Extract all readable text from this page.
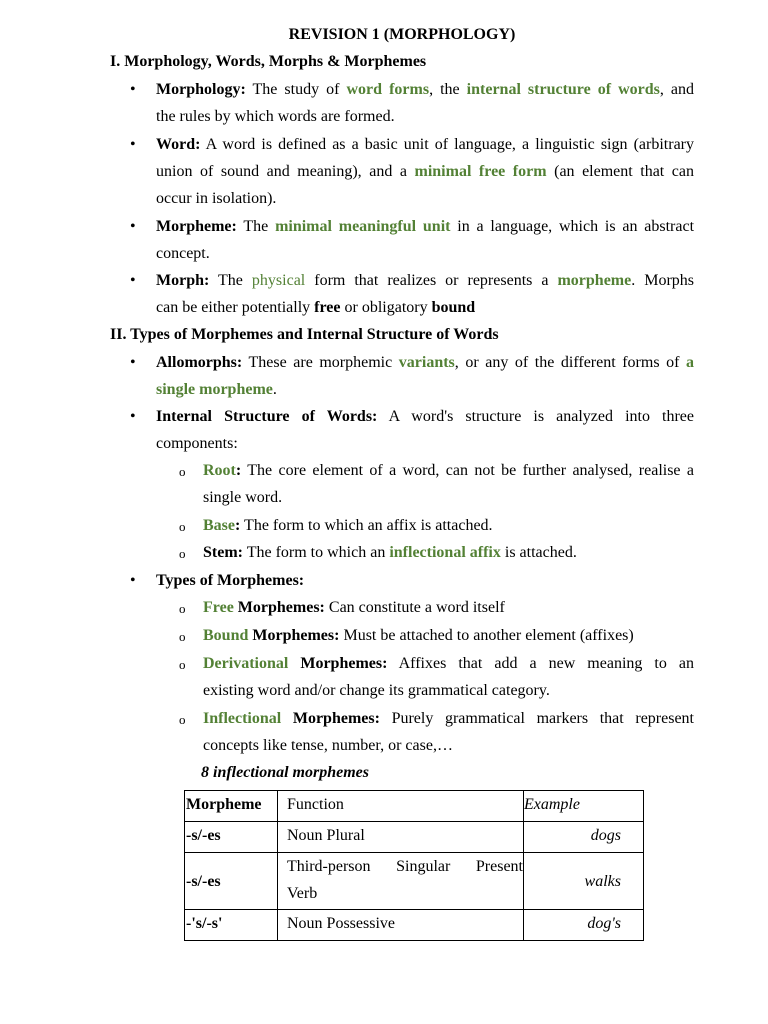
REVISION 1 (MORPHOLOGY)
I. Morphology, Words, Morphs & Morphemes
• Morphology: The study of word forms, the internal structure of words, and
the rules by which words are formed.
• Word: A word is defined as a basic unit of language, a linguistic sign (arbitrary
union of sound and meaning), and a minimal free form (an element that can
occur in isolation).
• Morpheme: The minimal meaningful unit in a language, which is an abstract
concept.
• Morph: The physical form that realizes or represents a morpheme. Morphs
can be either potentially free or obligatory bound
II. Types of Morphemes and Internal Structure of Words
• Allomorphs: These are morphemic variants, or any of the different forms of a
single morpheme.
• Internal Structure of Words: A word's structure is analyzed into three
components:
o Root: The core element of a word, can not be further analysed, realise a
single word.
o Base: The form to which an affix is attached.
o Stem: The form to which an inflectional affix is attached.
• Types of Morphemes:
o Free Morphemes: Can constitute a word itself
o Bound Morphemes: Must be attached to another element (affixes)
o Derivational Morphemes: Affixes that add a new meaning to an
existing word and/or change its grammatical category.
o Inflectional Morphemes: Purely grammatical markers that represent
concepts like tense, number, or case,…
8 inflectional morphemes
Morpheme	Function	Example
-s/-es	Noun Plural	dogs
-s/-es	Third-person Singular Present
Verb	walks
-'s/-s'	Noun Possessive	dog's
